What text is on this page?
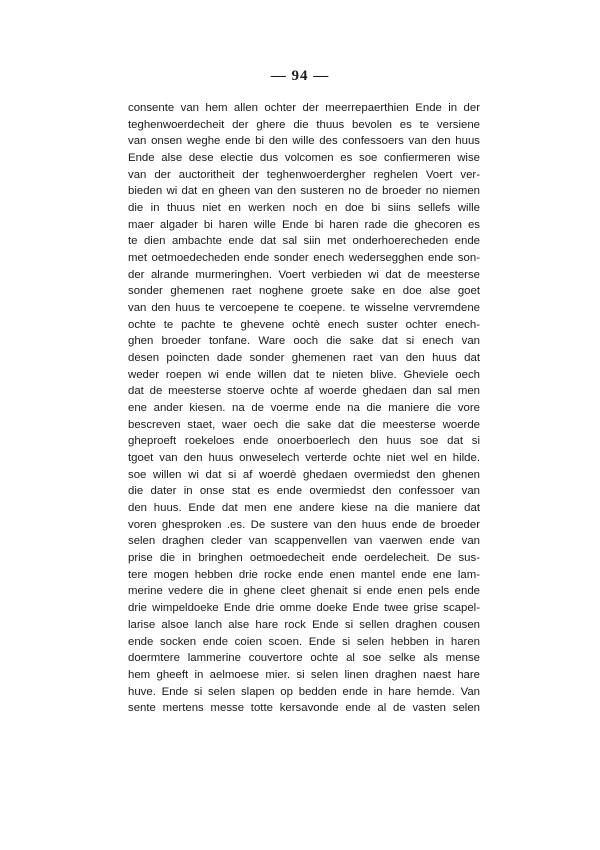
— 94 —
consente van hem allen ochter der meerrepaerthien Ende in der
teghenwoerdecheit der ghere die thuus bevolen es te versiene
van onsen weghe ende bi den wille des confessoers van den huus
Ende alse dese electie dus volcomen es soe confiermeren wise
van der auctoritheit der teghenwoerdergher reghelen Voert ver-
bieden wi dat en gheen van den susteren no de broeder no niemen
die in thuus niet en werken noch en doe bi siins sellefs wille
maer algader bi haren wille Ende bi haren rade die ghecoren es
te dien ambachte ende dat sal siin met onderhoerecheden ende
met oetmoedecheden ende sonder enech wedersegghen ende son-
der alrande murmeringhen. Voert verbieden wi dat de meesterse
sonder ghemenen raet noghene groete sake en doe alse goet
van den huus te vercoepene te coepene. te wisselne vervremdene
ochte te pachte te ghevene ochtè enech suster ochter enech-
ghen broeder tonfane. Ware ooch die sake dat si enech van
desen poincten dade sonder ghemenen raet van den huus dat
weder roepen wi ende willen dat te nieten blive. Gheviele oech
dat de meesterse stoerve ochte af woerde ghedaen dan sal men
ene ander kiesen. na de voerme ende na die maniere die vore
bescreven staet, waer oech die sake dat die meesterse woerde
gheproeft roekeloes ende onoerboerlech den huus soe dat si
tgoet van den huus onweselech verterde ochte niet wel en hilde.
soe willen wi dat si af woerdè ghedaen overmiedst den ghenen
die dater in onse stat es ende overmiedst den confessoer van
den huus. Ende dat men ene andere kiese na die maniere dat
voren ghesproken .es. De sustere van den huus ende de broeder
selen draghen cleder van scappenvellen van vaerwen ende van
prise die in bringhen oetmoedecheit ende oerdelecheit. De sus-
tere mogen hebben drie rocke ende enen mantel ende ene lam-
merine vedere die in ghene cleet ghenait si ende enen pels ende
drie wimpeldoeke Ende drie omme doeke Ende twee grise scapel-
larise alsoe lanch alse hare rock Ende si sellen draghen cousen
ende socken ende coien scoen. Ende si selen hebben in haren
doermtere lammerine couvertore ochte al soe selke als mense
hem gheeft in aelmoese mier. si selen linen draghen naest hare
huve. Ende si selen slapen op bedden ende in hare hemde. Van
sente mertens messe totte kersavonde ende al de vasten selen
